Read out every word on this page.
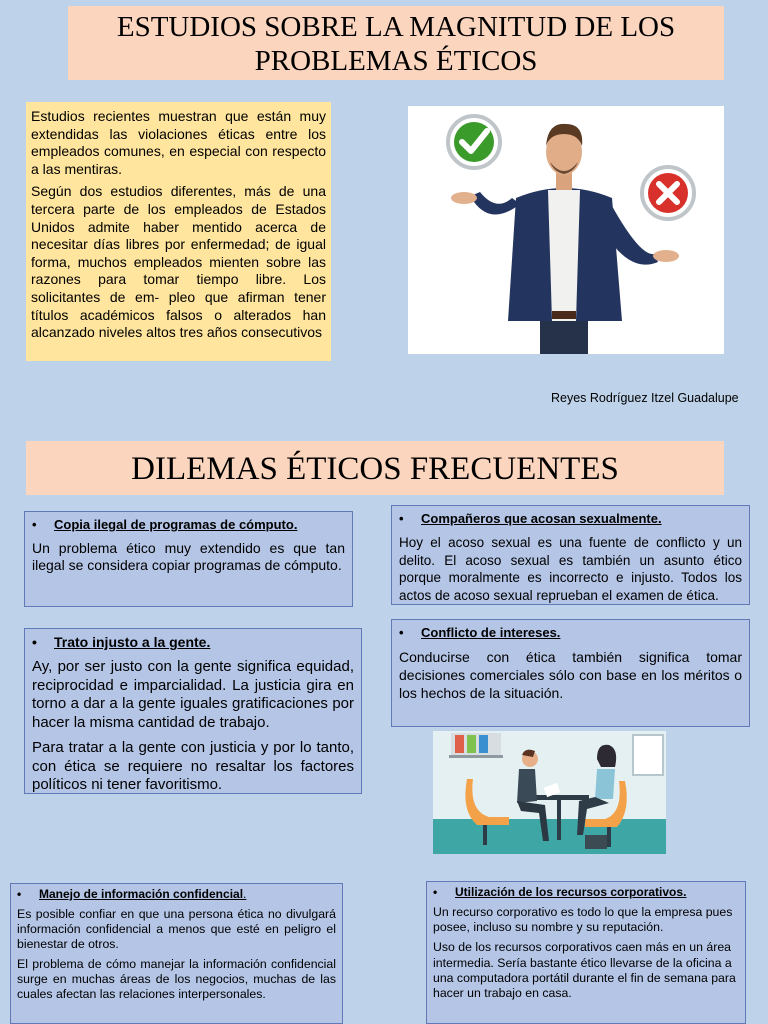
ESTUDIOS SOBRE LA MAGNITUD DE LOS PROBLEMAS ÉTICOS

Estudios recientes muestran que están muy extendidas las violaciones éticas entre los empleados comunes, en especial con respecto a las mentiras.

Según dos estudios diferentes, más de una tercera parte de los empleados de Estados Unidos admite haber mentido acerca de necesitar días libres por enfermedad; de igual forma, muchos empleados mienten sobre las razones para tomar tiempo libre. Los solicitantes de em- pleo que afirman tener títulos académicos falsos o alterados han alcanzado niveles altos tres años consecutivos

Reyes Rodríguez Itzel Guadalupe
DILEMAS ÉTICOS FRECUENTES
• Copia ilegal de programas de cómputo.

Un problema ético muy extendido es que tan ilegal se considera copiar programas de cómputo.

• Compañeros que acosan sexualmente.

Hoy el acoso sexual es una fuente de conflicto y un delito. El acoso sexual es también un asunto ético porque moralmente es incorrecto e injusto. Todos los actos de acoso sexual reprueban el examen de ética.

• Trato injusto a la gente.

Ay, por ser justo con la gente significa equidad, reciprocidad e imparcialidad. La justicia gira en torno a dar a la gente iguales gratificaciones por hacer la misma cantidad de trabajo.

Para tratar a la gente con justicia y por lo tanto, con ética se requiere no resaltar los factores políticos ni tener favoritismo.

• Conflicto de intereses.

Conducirse con ética también significa tomar decisiones comerciales sólo con base en los méritos o los hechos de la situación.

• Manejo de información confidencial.

Es posible confiar en que una persona ética no divulgará información confidencial a menos que esté en peligro el bienestar de otros.

El problema de cómo manejar la información confidencial surge en muchas áreas de los negocios, muchas de las cuales afectan las relaciones interpersonales.

• Utilización de los recursos corporativos.

Un recurso corporativo es todo lo que la empresa pues posee, incluso su nombre y su reputación.

Uso de los recursos corporativos caen más en un área intermedia. Sería bastante ético llevarse de la oficina a una computadora portátil durante el fin de semana para hacer un trabajo en casa.
